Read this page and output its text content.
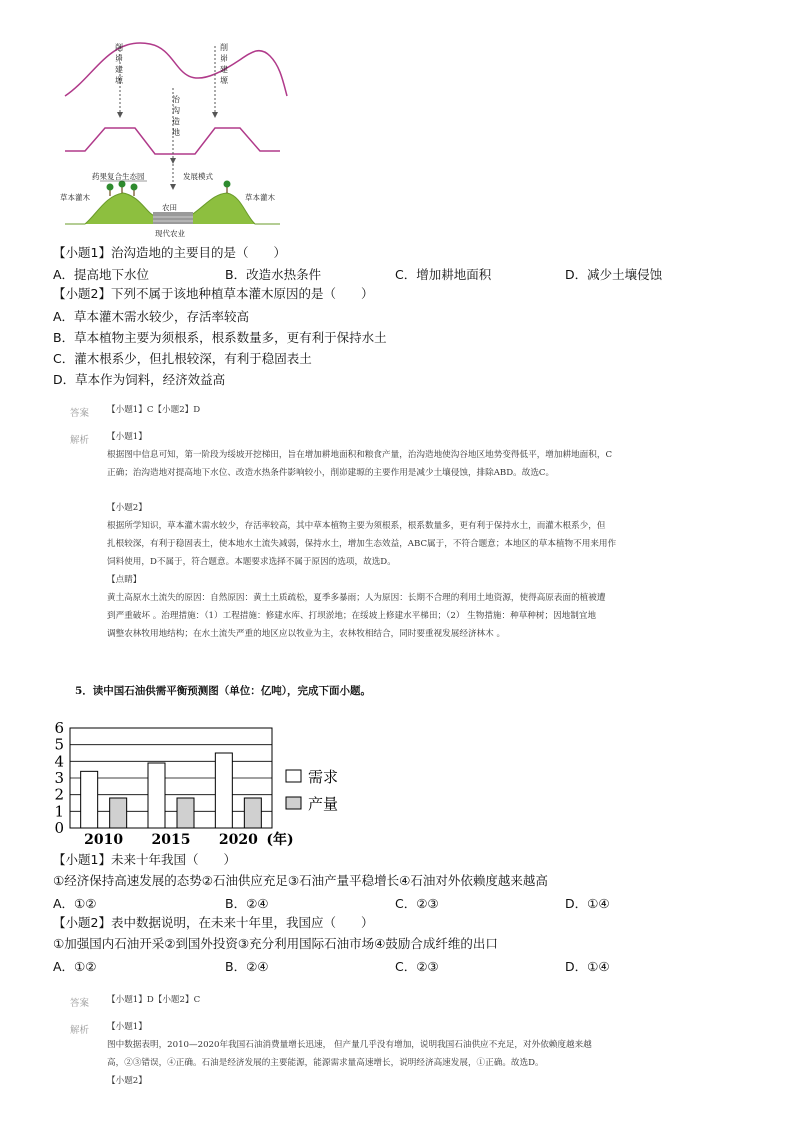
削
峁
建
塬
治
沟
造
地
削
峁
建
塬
药果复合生态园	发展模式
草本灌木	草本灌木
农田
现代农业
【小题1】治沟造地的主要目的是（　　）
A．提高地下水位	B．改造水热条件	C．增加耕地面积	D．减少土壤侵蚀
【小题2】下列不属于该地种植草本灌木原因的是（　　）
A．草本灌木需水较少，存活率较高
B．草本植物主要为须根系，根系数量多，更有利于保持水土
C．灌木根系少，但扎根较深，有利于稳固表土
D．草本作为饲料，经济效益高
答案 【小题1】C【小题2】D
解析 【小题1】
根据图中信息可知，第一阶段为绥坡开挖梯田，旨在增加耕地面积和粮食产量，治沟造地使沟谷地区地势变得低平，增加耕地面积，C
正确；治沟造地对提高地下水位、改造水热条件影响较小，削峁建塬的主要作用是减少土壤侵蚀，排除ABD。故选C。
【小题2】
根据所学知识，草本灌木需水较少，存活率较高，其中草本植物主要为须根系，根系数量多，更有利于保持水土，而灌木根系少，但
扎根较深，有利于稳固表土，使本地水土流失减弱，保持水土，增加生态效益，ABC属于，不符合题意；本地区的草本植物不用来用作
饲料使用，D不属于，符合题意。本题要求选择不属于原因的选项，故选D。
【点睛】
黄土高原水土流失的原因：自然原因：黄土土质疏松，夏季多暴雨；人为原因：长期不合理的利用土地资源，使得高原表面的植被遭
到严重破坏 。治理措施：（1）工程措施：修建水库、打坝淤地；在绥坡上修建水平梯田；（2） 生物措施：种草种树；因地制宜地
调整农林牧用地结构；在水土流失严重的地区应以牧业为主，农林牧相结合，同时要重视发展经济林木 。
5．读中国石油供需平衡预测图（单位：亿吨），完成下面小题。
0
1
2
3
4
5
6
2010 2015 2020 (年)
需求
产量
【小题1】未来十年我国（　　）
①经济保持高速发展的态势②石油供应充足③石油产量平稳增长④石油对外依赖度越来越高
A．①②	B．②④	C．②③	D．①④
【小题2】表中数据说明，在未来十年里，我国应（　　）
①加强国内石油开采②到国外投资③充分利用国际石油市场④鼓励合成纤维的出口
A．①②	B．②④	C．②③	D．①④
答案 【小题1】D【小题2】C
解析 【小题1】
图中数据表明，2010—2020年我国石油消费量增长迅速， 但产量几乎没有增加，说明我国石油供应不充足，对外依赖度越来越
高，②③错误，④正确。石油是经济发展的主要能源，能源需求量高速增长，说明经济高速发展，①正确。故选D。
【小题2】
